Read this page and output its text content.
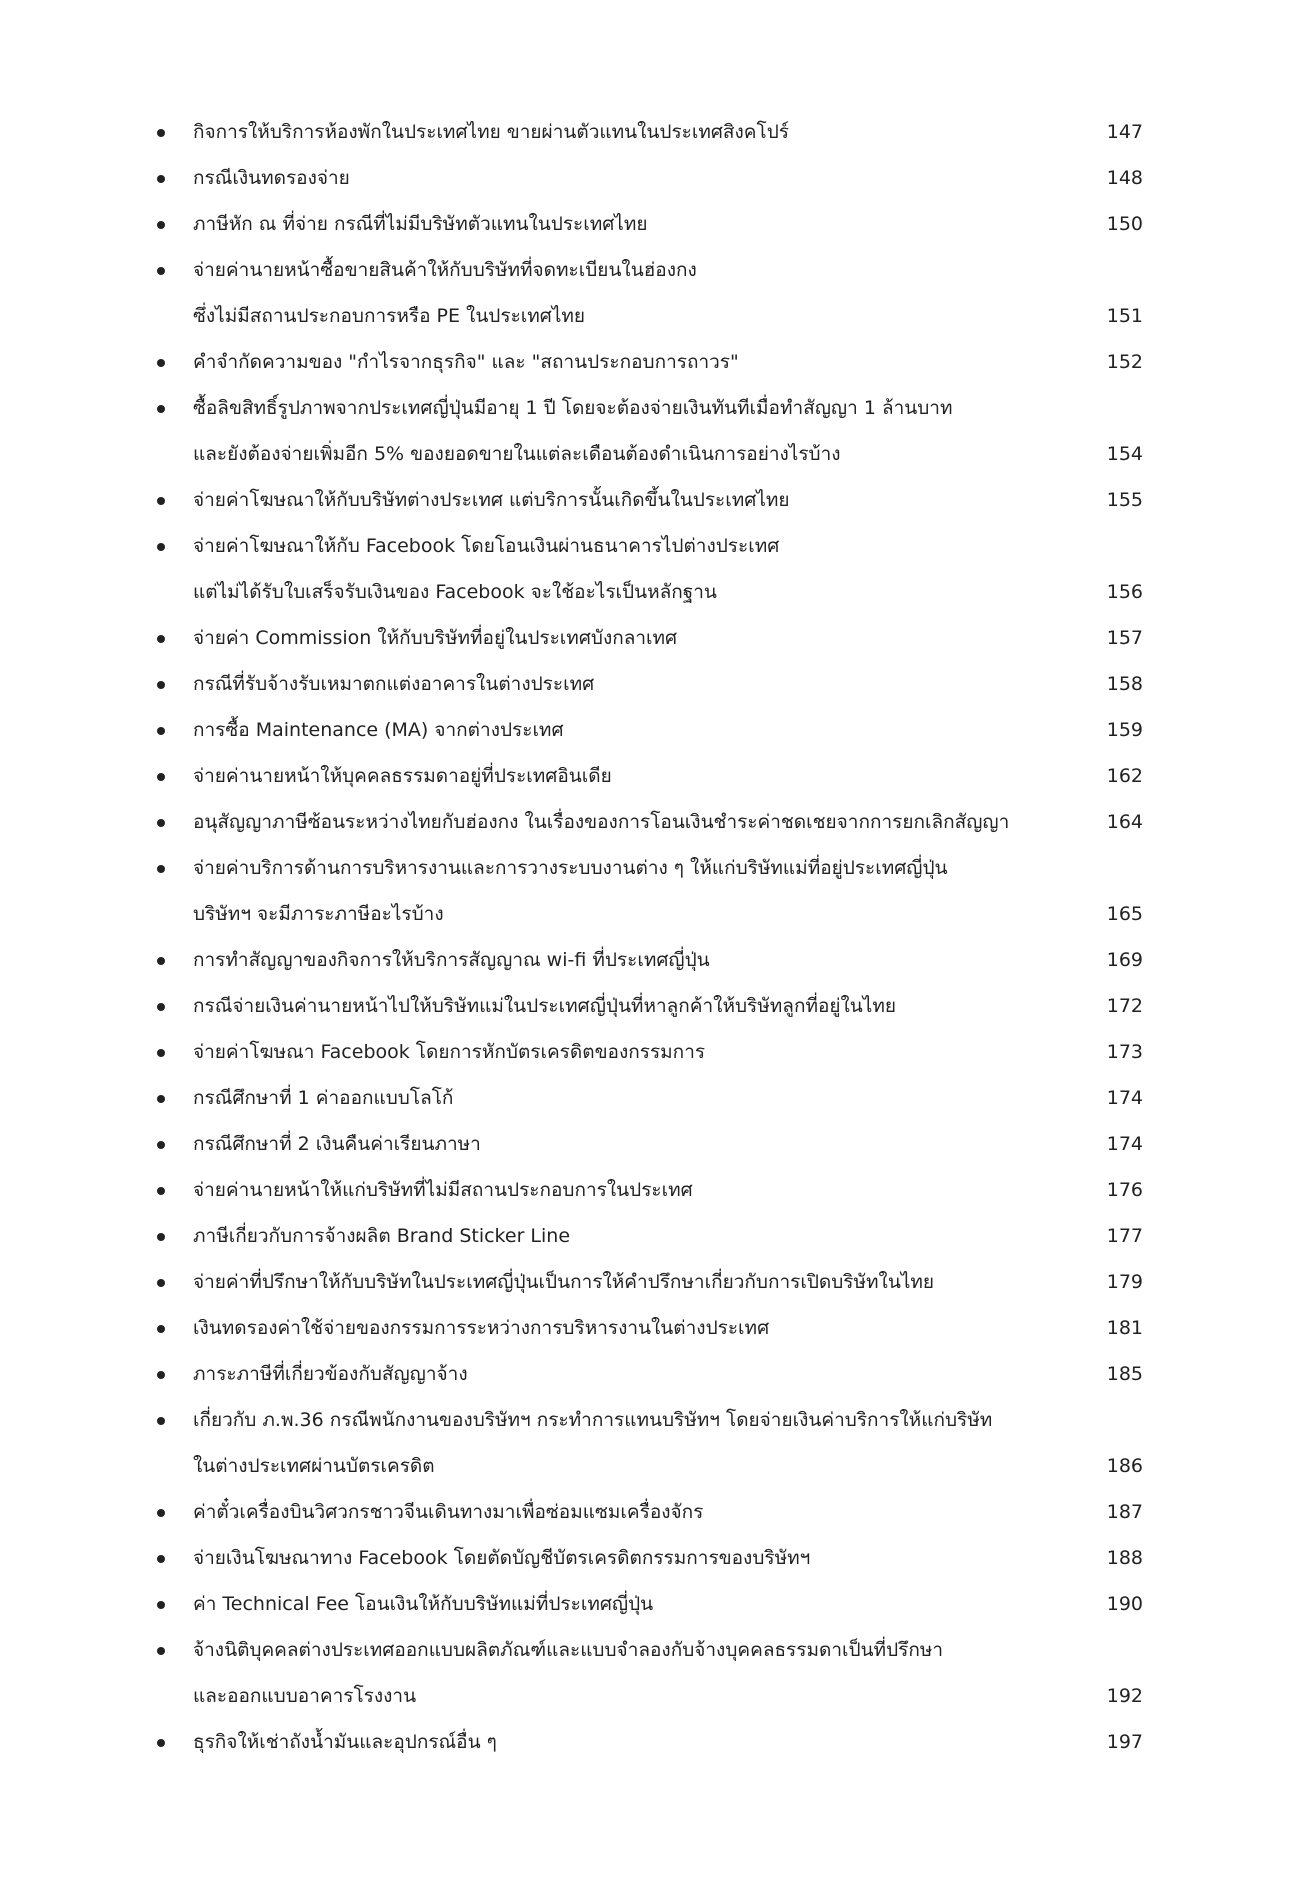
กิจการให้บริการห้องพักในประเทศไทย ขายผ่านตัวแทนในประเทศสิงคโปร์	147
กรณีเงินทดรองจ่าย	148
ภาษีหัก ณ ที่จ่าย กรณีที่ไม่มีบริษัทตัวแทนในประเทศไทย	150
จ่ายค่านายหน้าซื้อขายสินค้าให้กับบริษัทที่จดทะเบียนในฮ่องกง
ซึ่งไม่มีสถานประกอบการหรือ PE ในประเทศไทย	151
คำจำกัดความของ "กำไรจากธุรกิจ" และ "สถานประกอบการถาวร"	152
ซื้อลิขสิทธิ์รูปภาพจากประเทศญี่ปุ่นมีอายุ 1 ปี โดยจะต้องจ่ายเงินทันทีเมื่อทำสัญญา 1 ล้านบาท
และยังต้องจ่ายเพิ่มอีก 5% ของยอดขายในแต่ละเดือนต้องดำเนินการอย่างไรบ้าง	154
จ่ายค่าโฆษณาให้กับบริษัทต่างประเทศ แต่บริการนั้นเกิดขึ้นในประเทศไทย	155
จ่ายค่าโฆษณาให้กับ Facebook โดยโอนเงินผ่านธนาคารไปต่างประเทศ
แต่ไม่ได้รับใบเสร็จรับเงินของ Facebook จะใช้อะไรเป็นหลักฐาน	156
จ่ายค่า Commission ให้กับบริษัทที่อยู่ในประเทศบังกลาเทศ	157
กรณีที่รับจ้างรับเหมาตกแต่งอาคารในต่างประเทศ	158
การซื้อ Maintenance (MA) จากต่างประเทศ	159
จ่ายค่านายหน้าให้บุคคลธรรมดาอยู่ที่ประเทศอินเดีย	162
อนุสัญญาภาษีซ้อนระหว่างไทยกับฮ่องกง ในเรื่องของการโอนเงินชำระค่าชดเชยจากการยกเลิกสัญญา	164
จ่ายค่าบริการด้านการบริหารงานและการวางระบบงานต่าง ๆ ให้แก่บริษัทแม่ที่อยู่ประเทศญี่ปุ่น
บริษัทฯ จะมีภาระภาษีอะไรบ้าง	165
การทำสัญญาของกิจการให้บริการสัญญาณ wi-fi ที่ประเทศญี่ปุ่น	169
กรณีจ่ายเงินค่านายหน้าไปให้บริษัทแม่ในประเทศญี่ปุ่นที่หาลูกค้าให้บริษัทลูกที่อยู่ในไทย	172
จ่ายค่าโฆษณา Facebook โดยการหักบัตรเครดิตของกรรมการ	173
กรณีศึกษาที่ 1 ค่าออกแบบโลโก้	174
กรณีศึกษาที่ 2 เงินคืนค่าเรียนภาษา	174
จ่ายค่านายหน้าให้แก่บริษัทที่ไม่มีสถานประกอบการในประเทศ	176
ภาษีเกี่ยวกับการจ้างผลิต Brand Sticker Line	177
จ่ายค่าที่ปรึกษาให้กับบริษัทในประเทศญี่ปุ่นเป็นการให้คำปรึกษาเกี่ยวกับการเปิดบริษัทในไทย	179
เงินทดรองค่าใช้จ่ายของกรรมการระหว่างการบริหารงานในต่างประเทศ	181
ภาระภาษีที่เกี่ยวข้องกับสัญญาจ้าง	185
เกี่ยวกับ ภ.พ.36 กรณีพนักงานของบริษัทฯ กระทำการแทนบริษัทฯ โดยจ่ายเงินค่าบริการให้แก่บริษัท
ในต่างประเทศผ่านบัตรเครดิต	186
ค่าตั๋วเครื่องบินวิศวกรชาวจีนเดินทางมาเพื่อซ่อมแซมเครื่องจักร	187
จ่ายเงินโฆษณาทาง Facebook โดยตัดบัญชีบัตรเครดิตกรรมการของบริษัทฯ	188
ค่า Technical Fee โอนเงินให้กับบริษัทแม่ที่ประเทศญี่ปุ่น	190
จ้างนิติบุคคลต่างประเทศออกแบบผลิตภัณฑ์และแบบจำลองกับจ้างบุคคลธรรมดาเป็นที่ปรึกษา
และออกแบบอาคารโรงงาน	192
ธุรกิจให้เช่าถังน้ำมันและอุปกรณ์อื่น ๆ	197
